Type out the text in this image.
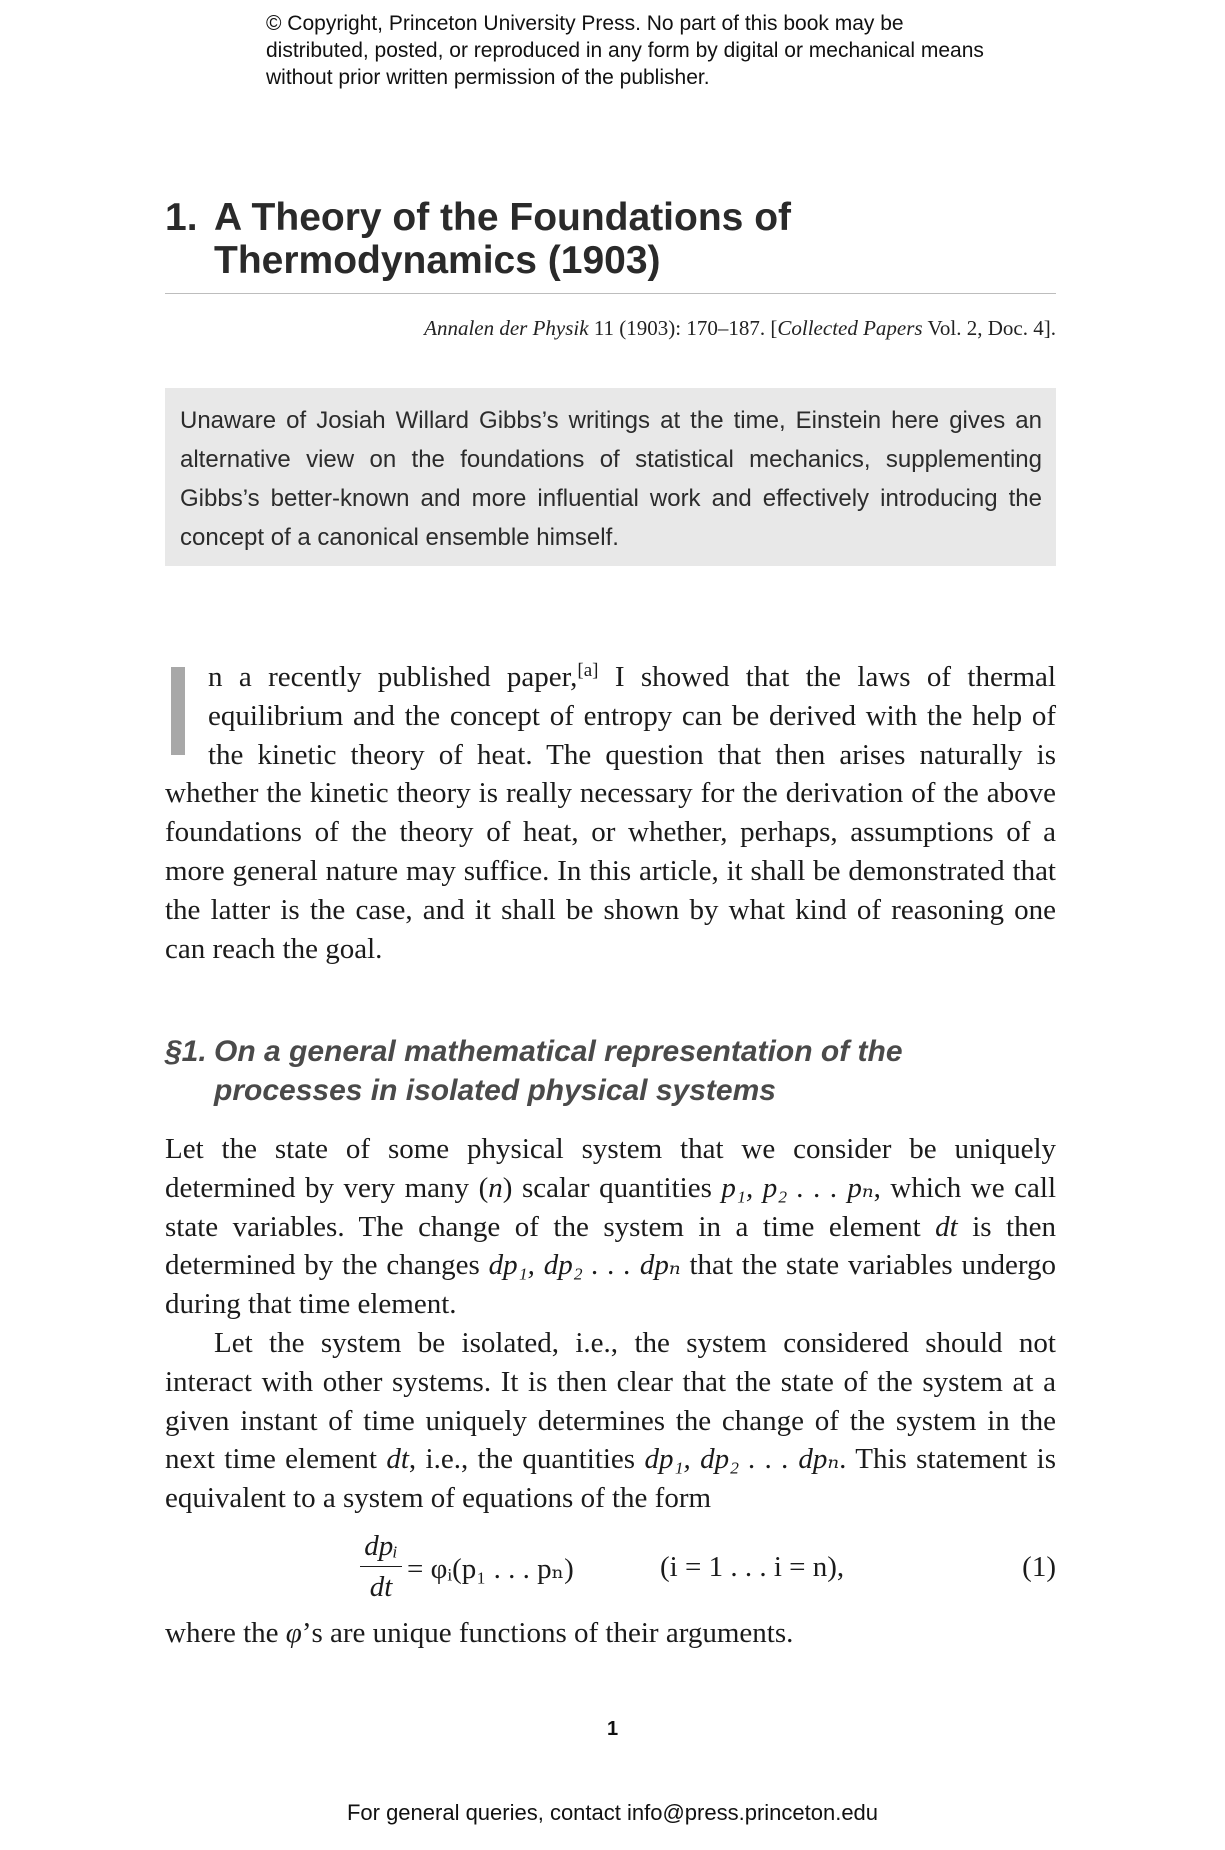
© Copyright, Princeton University Press. No part of this book may be distributed, posted, or reproduced in any form by digital or mechanical means without prior written permission of the publisher.
1. A Theory of the Foundations of Thermodynamics (1903)
Annalen der Physik 11 (1903): 170–187. [Collected Papers Vol. 2, Doc. 4].

Unaware of Josiah Willard Gibbs’s writings at the time, Einstein here gives an alternative view on the foundations of statistical mechanics, supplementing Gibbs’s better-known and more influential work and effectively introducing the concept of a canonical ensemble himself.

n a recently published paper,[a] I showed that the laws of thermal equilibrium and the concept of entropy can be derived with the help of the kinetic theory of heat. The question that then arises naturally is whether the kinetic theory is really necessary for the derivation of the above foundations of the theory of heat, or whether, perhaps, assumptions of a more general nature may suffice. In this article, it shall be demonstrated that the latter is the case, and it shall be shown by what kind of reasoning one can reach the goal.

§1. On a general mathematical representation of the processes in isolated physical systems

Let the state of some physical system that we consider be uniquely determined by very many (n) scalar quantities p₁, p₂ . . . pₙ, which we call state variables. The change of the system in a time element dt is then determined by the changes dp₁, dp₂ . . . dpₙ that the state variables undergo during that time element.

Let the system be isolated, i.e., the system considered should not interact with other systems. It is then clear that the state of the system at a given instant of time uniquely determines the change of the system in the next time element dt, i.e., the quantities dp₁, dp₂ . . . dpₙ. This statement is equivalent to a system of equations of the form

dpᵢ
dt
= φᵢ(p₁ . . . pₙ)	(i = 1 . . . i = n),	(1)

where the φ’s are unique functions of their arguments.

1
For general queries, contact info@press.princeton.edu
